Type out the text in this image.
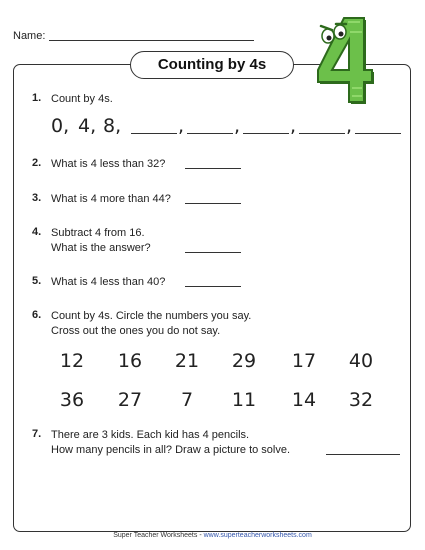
Name:
Counting by 4s
1. Count by 4s.
0, 4, 8,	,	,	,	,
2. What is 4 less than 32?
3. What is 4 more than 44?
4. Subtract 4 from 16.
What is the answer?
5. What is 4 less than 40?
6. Count by 4s. Circle the numbers you say.
Cross out the ones you do not say.
12	16	21	29	17	40
36	27	7	11	14	32
7. There are 3 kids. Each kid has 4 pencils.
How many pencils in all? Draw a picture to solve.
Super Teacher Worksheets - www.superteacherworksheets.com
